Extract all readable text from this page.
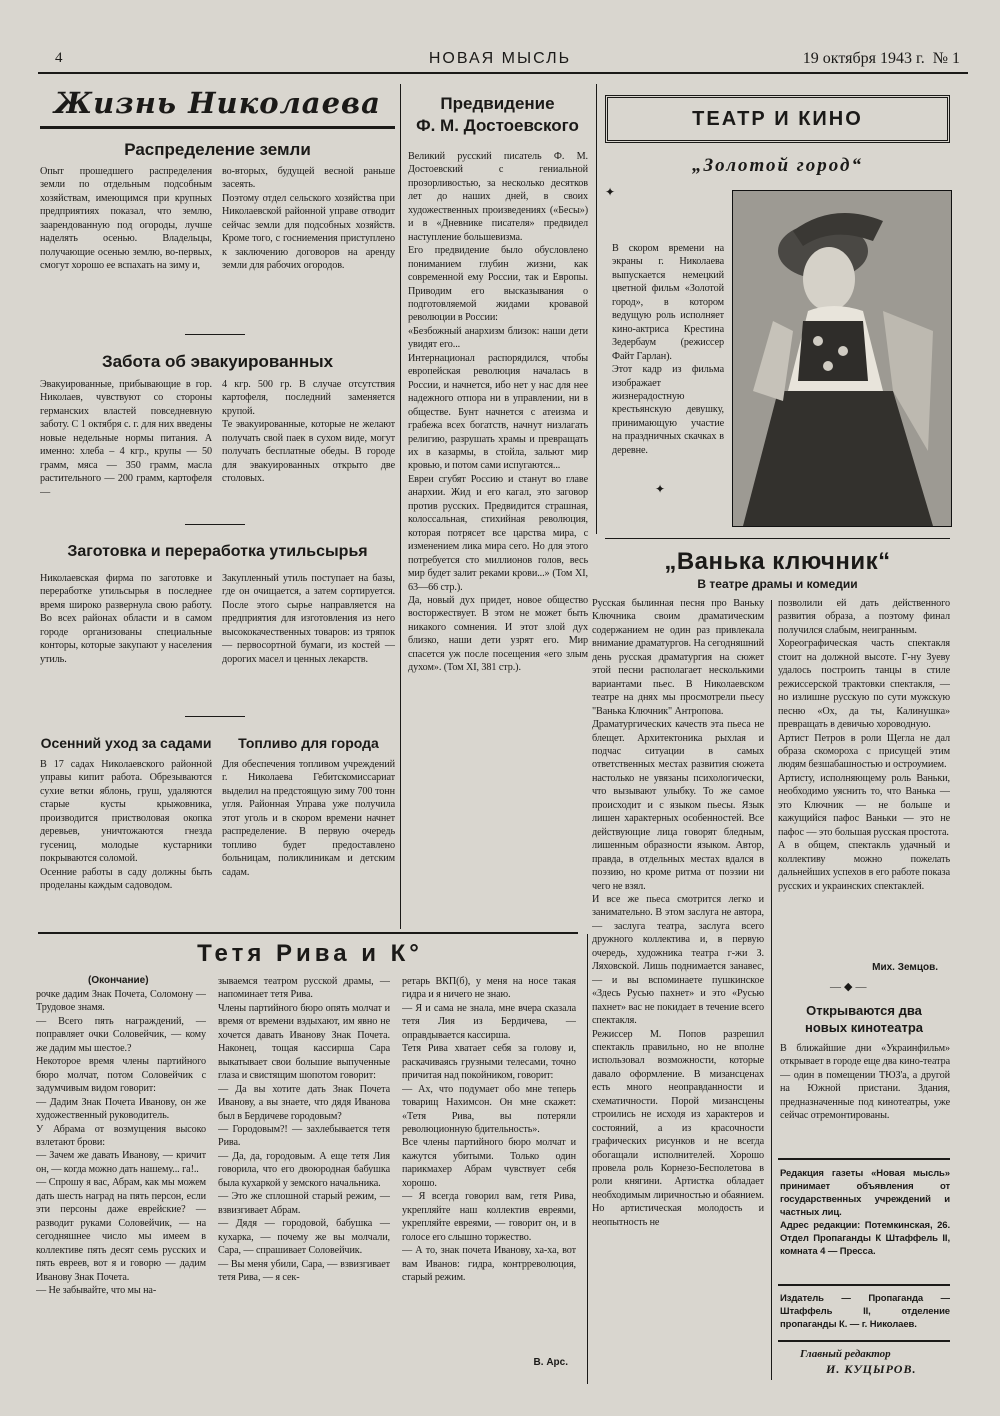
4	НОВАЯ МЫСЛЬ	19 октября 1943 г.  № 1
Жизнь Николаева
Распределение земли
Опыт прошедшего распределения земли по отдельным подсобным хозяйствам, имеющимся при крупных предприятиях показал, что землю, заарендованную под огороды, лучше наделять осенью. Владельцы, получающие осенью землю, во-первых, смогут хорошо ее вспахать на зиму и,
во-вторых, будущей весной раньше засеять.
Поэтому отдел сельского хозяйства при Николаевской районной управе отводит сейчас земли для подсобных хозяйств. Кроме того, с госниемения приступлено к заключению договоров на аренду земли для рабочих огородов.
Забота об эвакуированных
Эвакуированные, прибывающие в гор. Николаев, чувствуют со стороны германских властей повседневную заботу. С 1 октября с. г. для них введены новые недельные нормы питания. А именно: хлеба – 4 кгр., крупы — 50 грамм, мяса — 350 грамм, масла растительного — 200 грамм, картофеля —
4 кгр. 500 гр. В случае отсутствия картофеля, последний заменяется крупой.
Те эвакуированные, которые не желают получать свой паек в сухом виде, могут получать бесплатные обеды. В городе для эвакуированных открыто две столовых.
Заготовка и переработка утильсырья
Николаевская фирма по заготовке и переработке утильсырья в последнее время широко развернула свою работу. Во всех районах области и в самом городе организованы специальные конторы, которые закупают у населения утиль.
Закупленный утиль поступает на базы, где он очищается, а затем сортируется. После этого сырье направляется на предприятия для изготовления из него высококачественных товаров: из тряпок — первосортной бумаги, из костей — дорогих масел и ценных лекарств.
Осенний уход за садами
В 17 садах Николаевского районной управы кипит работа. Обрезываются сухие ветки яблонь, груш, удаляются старые кусты крыжовника, производится пристволовая окопка деревьев, уничтожаются гнезда гусениц, молодые кустарники покрываются соломой.
Осенние работы в саду должны быть проделаны каждым садоводом.
Топливо для города
Для обеспечения топливом учреждений г. Николаева Гебитскомиссариат выделил на предстоящую зиму 700 тонн угля. Районная Управа уже получила этот уголь и в скором времени начнет распределение. В первую очередь топливо будет предоставлено больницам, поликлиникам и детским садам.
Предвидение
Ф. М. Достоевского
Великий русский писатель Ф. М. Достоевский с гениальной прозорливостью, за несколько десятков лет до наших дней, в своих художественных произведениях («Бесы») и в «Дневнике писателя» предвидел наступление большевизма.
Его предвидение было обусловлено пониманием глубин жизни, как современной ему России, так и Европы. Приводим его высказывания о подготовляемой жидами кровавой революции в России:
«Безбожный анархизм близок: наши дети увидят его...
Интернационал распорядился, чтобы европейская революция началась в России, и начнется, ибо нет у нас для нее надежного отпора ни в управлении, ни в обществе. Бунт начнется с атеизма и грабежа всех богатств, начнут низлагать религию, разрушать храмы и превращать их в казармы, в стойла, зальют мир кровью, и потом сами испугаются...
Евреи сгубят Россию и станут во главе анархии. Жид и его кагал, это заговор против русских. Предвидится страшная, колоссальная, стихийная революция, которая потрясет все царства мира, с изменением лика мира сего. Но для этого потребуется сто миллионов голов, весь мир будет залит реками крови...» (Том XI, 63—66 стр.).
Да, новый дух придет, новое общество восторжествует. В этом не может быть никакого сомнения. И этот злой дух близко, наши дети узрят его. Мир спасется уж после посещения «его злым духом». (Том XI, 381 стр.).
ТЕАТР И КИНО
„Золотой город“
В скором времени на экраны г. Николаева выпускается немецкий цветной фильм «Золотой город», в котором ведущую роль исполняет кино-актриса Крестина Зедербаум (режиссер Файт Гарлан).
Этот кадр из фильма изображает жизнерадостную крестьянскую девушку, принимающую участие на праздничных скачках в деревне.
✦
✦
„Ванька ключник“
В театре драмы и комедии
Русская былинная песня про Ваньку Ключника своим драматическим содержанием не один раз привлекала внимание драматургов. На сегодняшний день русская драматургия на сюжет этой песни располагает несколькими вариантами пьес. В Николаевском театре на днях мы просмотрели пьесу "Ванька Ключник" Антропова.
Драматургических качеств эта пьеса не блещет. Архитектоника рыхлая и подчас ситуации в самых ответственных местах развития сюжета настолько не увязаны психологически, что вызывают улыбку. То же самое происходит и с языком пьесы. Язык лишен характерных особенностей. Все действующие лица говорят бледным, лишенным образности языком. Автор, правда, в отдельных местах вдался в поэзию, но кроме ритма от поэзии ни чего не взял.
И все же пьеса смотрится легко и занимательно. В этом заслуга не автора, — заслуга театра, заслуга всего дружного коллектива и, в первую очередь, художника театра г-жи З. Ляховской. Лишь поднимается занавес, — и вы вспоминаете пушкинское «Здесь Русью пахнет» и это «Русью пахнет» вас не покидает в течение всего спектакля.
Режиссер М. Попов разрешил спектакль правильно, но не вполне использовал возможности, которые давало оформление. В мизансценах есть много неоправданности и схематичности. Порой мизансцены строились не исходя из характеров и состояний, а из красочности графических рисунков и не всегда обогащали исполнителей. Хорошо провела роль Корнезо-Бесполетова в роли княгини. Артистка обладает необходимым лиричностью и обаянием. Но артистическая молодость и неопытность не
позволили ей дать действенного развития образа, а поэтому финал получился слабым, неигранным.
Хореографическая часть спектакля стоит на должной высоте. Г-ну Зуеву удалось построить танцы в стиле режиссерской трактовки спектакля, — но излишне русскую по сути мужскую песню «Ох, да ты, Калинушка» превращать в девичью хороводную.
Артист Петров в роли Щегла не дал образа скомороха с присущей этим людям безшабашностью и остроумием.
Артисту, исполняющему роль Ваньки, необходимо уяснить то, что Ванька — это Ключник — не больше и кажущийся пафос Ваньки — это не пафос — это большая русская простота.
А в общем, спектакль удачный и коллективу можно пожелать дальнейших успехов в его работе показа русских и украинских спектаклей.
Мих. Земцов.
—◆—
Открываются два
новых кинотеатра
В ближайшие дни «Украинфильм» открывает в городе еще два кино-театра — один в помещении ТЮЗ'а, а другой на Южной пристани. Здания, предназначенные под кинотеатры, уже сейчас отремонтированы.
Редакция газеты «Новая мысль» принимает объявления от государственных учреждений и частных лиц.
Адрес редакции: Потемкинская, 26. Отдел Пропаганды К Штаффель II, комната 4 — Пресса.
Издатель — Пропаганда — Штаффель II, отделение пропаганды К. — г. Николаев.
Главный редактор
И. КУЦЫРОВ.
Тетя Рива и К°
(Окончание)
рочке дадим Знак Почета, Соломону — Трудовое знамя.
— Всего пять награждений, — поправляет очки Соловейчик, — кому же дадим мы шестое.?
Некоторое время члены партийного бюро молчат, потом Соловейчик с задумчивым видом говорит:
— Дадим Знак Почета Ивановy, он же художественный руководитель.
У Абрама от возмущения высоко взлетают брови:
— Зачем же давать Иванову, — кричит он, — когда можно дать нашему... га!..
— Спрошу я вас, Абрам, как мы можем дать шесть наград на пять персон, если эти персоны даже еврейские? — разводит руками Соловейчик, — на сегодняшнее число мы имеем в коллективе пять десят семь русских и пять евреев, вот я и говорю — дадим Иванову Знак Почета.
— Не забывайте, что мы на-
зываемся театром русской драмы, — напоминает тетя Рива.
Члены партийного бюро опять молчат и время от времени вздыхают, им явно не хочется давать Иванову Знак Почета. Наконец, тощая кассирша Сара выкатывает свои большие выпученные глаза и свистящим шопотом говорит:
— Да вы хотите дать Знак Почета Иванову, а вы знаете, что дядя Иванова был в Бердичеве городовым?
— Городовым?! — захлебывается тетя Рива.
— Да, да, городовым. А еще тетя Лия говорила, что его двоюродная бабушка была кухаркой у земского начальника.
— Это же сплошной старый режим, — взвизгивает Абрам.
— Дядя — городовой, бабушка — кухарка, — почему же вы молчали, Сара, — спрашивает Соловейчик.
— Вы меня убили, Сара, — взвизгивает тетя Рива, — я сек-
ретарь ВКП(б), у меня на носе такая гидра и я ничего не знаю.
— Я и сама не знала, мне вчера сказала тетя Лия из Бердичева, — оправдывается кассирша.
Тетя Рива хватает себя за голову и, раскачиваясь грузными телесами, точно причитая над покойником, говорит:
— Ах, что подумает обо мне теперь товарищ Нахимсон. Он мне скажет: «Тетя Рива, вы потеряли революционную бдительность».
Все члены партийного бюро молчат и кажутся убитыми. Только один парикмахер Абрам чувствует себя хорошо.
— Я всегда говорил вам, гетя Рива, укрепляйте наш коллектив евреями, укрепляйте евреями, — говорит он, и в голосе его слышно торжество.
— А то, знак почета Иванову, ха-ха, вот вам Иванов: гидра, контрреволюция, старый режим.
В. Арс.
